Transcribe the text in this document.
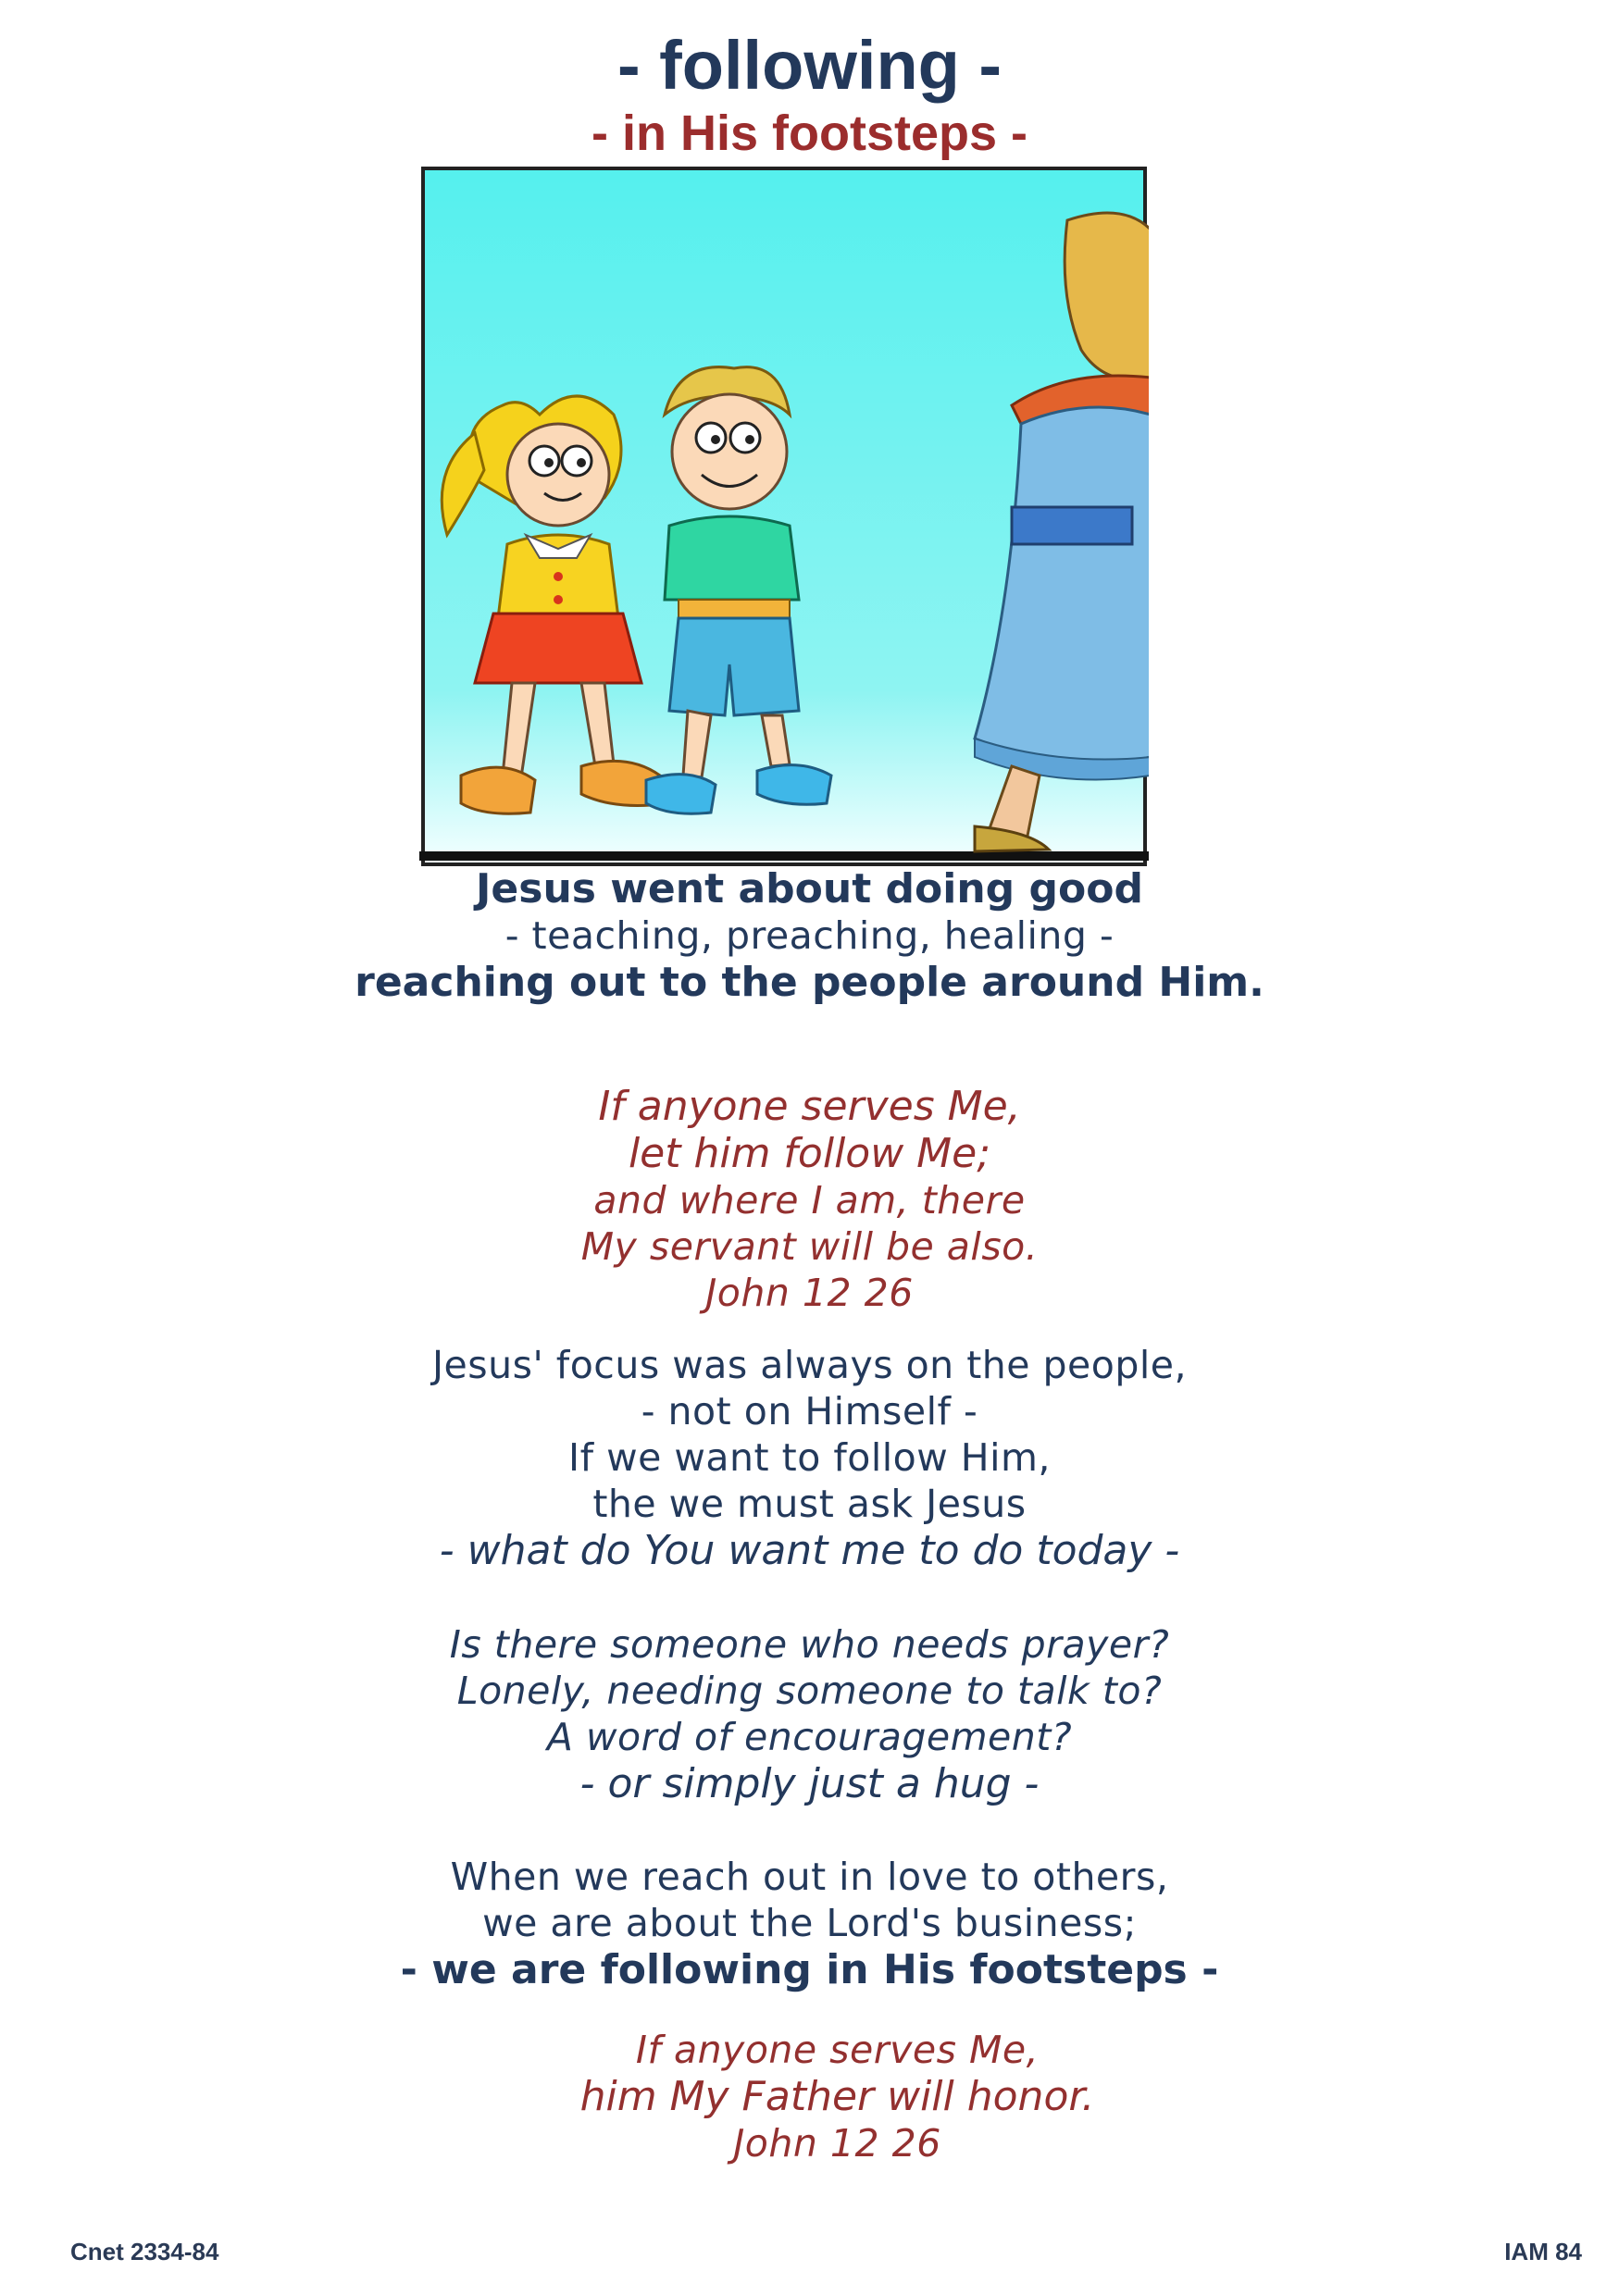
- following -
- in His footsteps -
Jesus went about doing good
- teaching, preaching, healing -
reaching out to the people around Him.
If anyone serves Me,
let him follow Me;
and where I am, there
My servant will be also.
John 12 26
Jesus' focus was always on the people,
- not on Himself -
If we want to follow Him,
the we must ask Jesus
- what do You want me to do today -
Is there someone who needs prayer?
Lonely, needing someone to talk to?
A word of encouragement?
- or simply just a hug -
When we reach out in love to others,
we are about the Lord's business;
- we are following in His footsteps -
If anyone serves Me,
him My Father will honor.
John 12 26
Cnet 2334-84	IAM 84
